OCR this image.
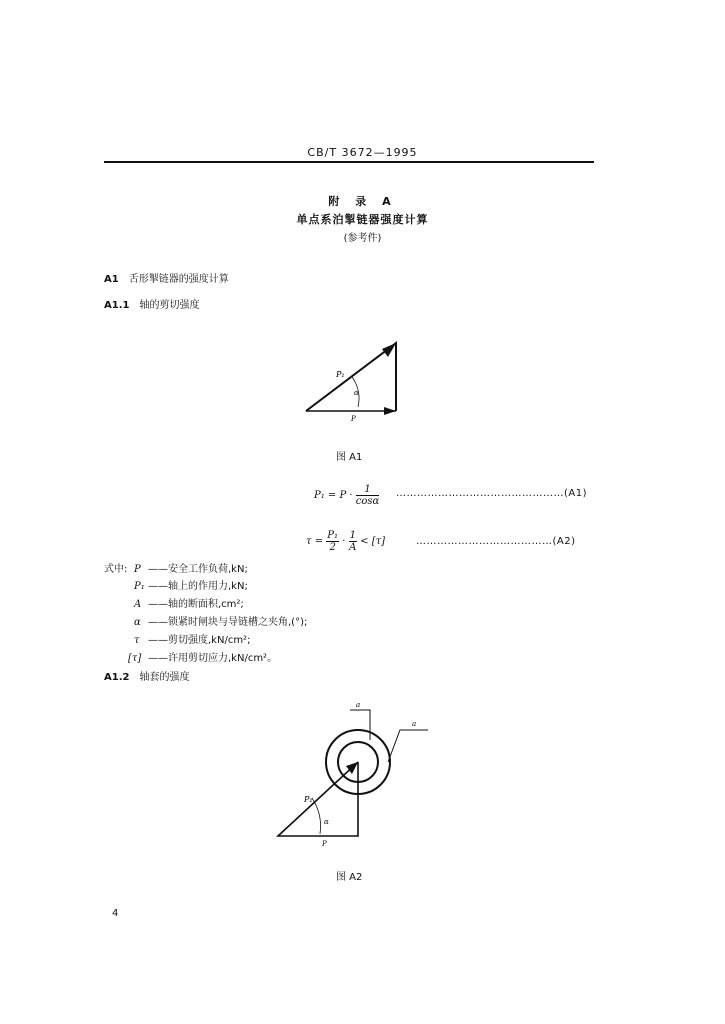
CB/T 3672—1995
附 录 A
单点系泊掣链器强度计算
(参考件)
A1 舌形掣链器的强度计算
A1.1 轴的剪切强度
P₁
α
P
图 A1
$P_1 = P \cdot \frac{1}{\cos\alpha}$ …………………………………………(A1)
$\tau = \frac{\text{P₁}}{2} \cdot \frac{1}{A} < [\tau]$	…………………………………(A2)
式中: P ——安全工作负荷,kN;
P₁ ——轴上的作用力,kN;
A ——轴的断面积,cm²;
α ——锁紧时闸块与导链槽之夹角,(°);
τ ——剪切强度,kN/cm²;
[τ] ——许用剪切应力,kN/cm²。
A1.2 轴套的强度
a
a
P₁
α
P
图 A2
4
